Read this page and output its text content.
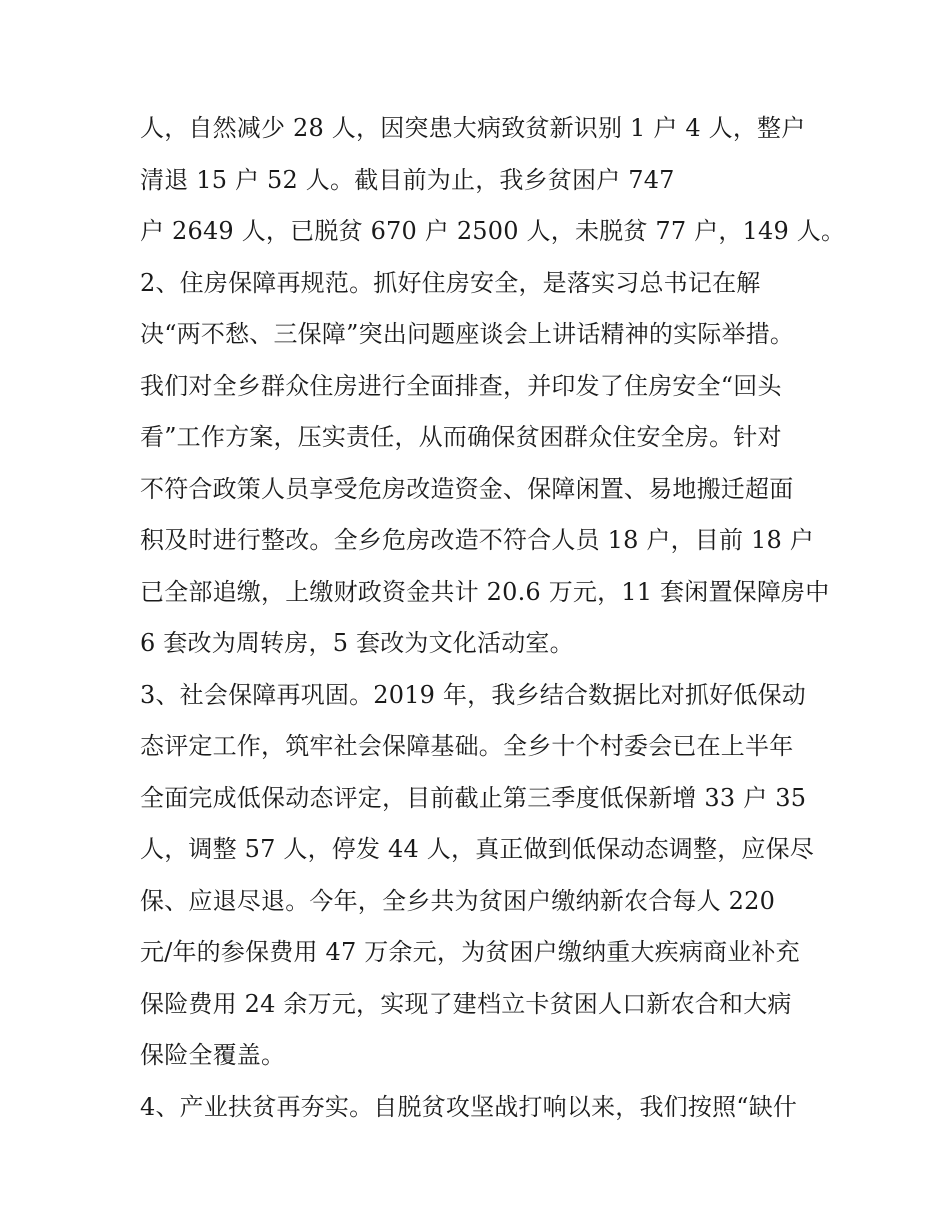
人，自然减少 28 人，因突患大病致贫新识别 1 户 4 人，整户
清退 15 户 52 人。截目前为止，我乡贫困户 747
户 2649 人，已脱贫 670 户 2500 人，未脱贫 77 户，149 人。
2、住房保障再规范。抓好住房安全，是落实习总书记在解
决“两不愁、三保障”突出问题座谈会上讲话精神的实际举措。
我们对全乡群众住房进行全面排查，并印发了住房安全“回头
看”工作方案，压实责任，从而确保贫困群众住安全房。针对
不符合政策人员享受危房改造资金、保障闲置、易地搬迁超面
积及时进行整改。全乡危房改造不符合人员 18 户，目前 18 户
已全部追缴，上缴财政资金共计 20.6 万元，11 套闲置保障房中
6 套改为周转房，5 套改为文化活动室。
3、社会保障再巩固。2019 年，我乡结合数据比对抓好低保动
态评定工作，筑牢社会保障基础。全乡十个村委会已在上半年
全面完成低保动态评定，目前截止第三季度低保新增 33 户 35
人，调整 57 人，停发 44 人，真正做到低保动态调整，应保尽
保、应退尽退。今年，全乡共为贫困户缴纳新农合每人 220
元/年的参保费用 47 万余元，为贫困户缴纳重大疾病商业补充
保险费用 24 余万元，实现了建档立卡贫困人口新农合和大病
保险全覆盖。
4、产业扶贫再夯实。自脱贫攻坚战打响以来，我们按照“缺什
